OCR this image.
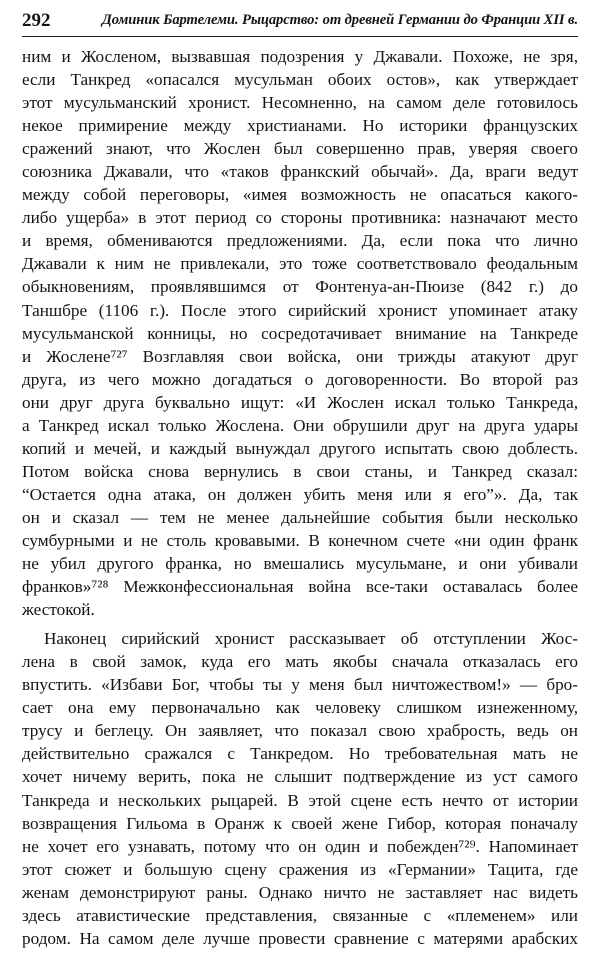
292	Доминик Бартелеми. Рыцарство: от древней Германии до Франции XII в.
ним и Жосленом, вызвавшая подозрения у Джавали. Похоже, не зря,
если Танкред «опасался мусульман обоих остов», как утверждает
этот мусульманский хронист. Несомненно, на самом деле готовилось
некое примирение между христианами. Но историки французских
сражений знают, что Жослен был совершенно прав, уверяя своего
союзника Джавали, что «таков франкский обычай». Да, враги ведут
между собой переговоры, «имея возможность не опасаться какого-
либо ущерба» в этот период со стороны противника: назначают место
и время, обмениваются предложениями. Да, если пока что лично
Джавали к ним не привлекали, это тоже соответствовало феодальным
обыкновениям, проявлявшимся от Фонтенуа-ан-Пюизе (842 г.) до
Таншбре (1106 г.). После этого сирийский хронист упоминает атаку
мусульманской конницы, но сосредотачивает внимание на Танкреде
и Жослене⁷²⁷ Возглавляя свои войска, они трижды атакуют друг
друга, из чего можно догадаться о договоренности. Во второй раз
они друг друга буквально ищут: «И Жослен искал только Танкреда,
а Танкред искал только Жослена. Они обрушили друг на друга удары
копий и мечей, и каждый вынуждал другого испытать свою доблесть.
Потом войска снова вернулись в свои станы, и Танкред сказал:
“Остается одна атака, он должен убить меня или я его”». Да, так
он и сказал — тем не менее дальнейшие события были несколько
сумбурными и не столь кровавыми. В конечном счете «ни один франк
не убил другого франка, но вмешались мусульмане, и они убивали
франков»⁷²⁸ Межконфессиональная война все-таки оставалась более
жестокой.
Наконец сирийский хронист рассказывает об отступлении Жос-
лена в свой замок, куда его мать якобы сначала отказалась его
впустить. «Избави Бог, чтобы ты у меня был ничтожеством!» — бро-
сает она ему первоначально как человеку слишком изнеженному,
трусу и беглецу. Он заявляет, что показал свою храбрость, ведь он
действительно сражался с Танкредом. Но требовательная мать не
хочет ничему верить, пока не слышит подтверждение из уст самого
Танкреда и нескольких рыцарей. В этой сцене есть нечто от истории
возвращения Гильома в Оранж к своей жене Гибор, которая поначалу
не хочет его узнавать, потому что он один и побежден⁷²⁹. Напоминает
этот сюжет и большую сцену сражения из «Германии» Тацита, где
женам демонстрируют раны. Однако ничто не заставляет нас видеть
здесь атавистические представления, связанные с «племенем» или
родом. На самом деле лучше провести сравнение с матерями арабских
